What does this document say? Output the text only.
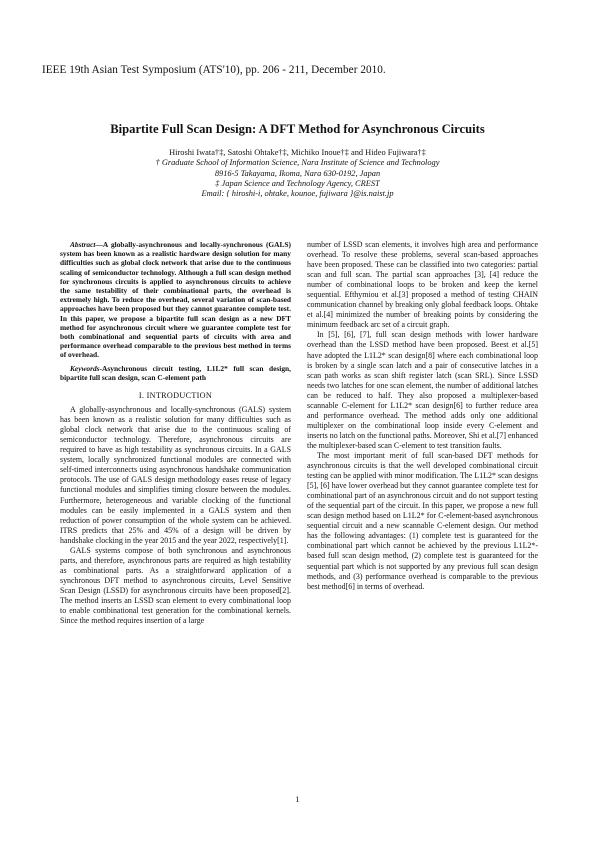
IEEE 19th Asian Test Symposium (ATS'10), pp. 206 - 211, December 2010.
Bipartite Full Scan Design: A DFT Method for Asynchronous Circuits
Hiroshi Iwata†‡, Satoshi Ohtake†‡, Michiko Inoue†‡ and Hideo Fujiwara†‡
† Graduate School of Information Science, Nara Institute of Science and Technology
8916-5 Takayama, Ikoma, Nara 630-0192, Japan
‡ Japan Science and Technology Agency, CREST
Email: { hiroshi-i, ohtake, kounoe, fujiwara }@is.naist.jp

Abstract—A globally-asynchronous and locally-synchronous (GALS) system has been known as a realistic hardware design solution for many difficulties such as global clock network that arise due to the continuous scaling of semiconductor technology. Although a full scan design method for synchronous circuits is applied to asynchronous circuits to achieve the same testability of their combinational parts, the overhead is extremely high. To reduce the overhead, several variation of scan-based approaches have been proposed but they cannot guarantee complete test. In this paper, we propose a bipartite full scan design as a new DFT method for asynchronous circuit where we guarantee complete test for both combinational and sequential parts of circuits with area and performance overhead comparable to the previous best method in terms of overhead.

Keywords-Asynchronous circuit testing, L1L2* full scan design, bipartite full scan design, scan C-element path

I. INTRODUCTION

A globally-asynchronous and locally-synchronous (GALS) system has been known as a realistic solution for many difficulties such as global clock network that arise due to the continuous scaling of semiconductor technology. Therefore, asynchronous circuits are required to have as high testability as synchronous circuits. In a GALS system, locally synchronized functional modules are connected with self-timed interconnects using asynchronous handshake communication protocols. The use of GALS design methodology eases reuse of legacy functional modules and simplifies timing closure between the modules. Furthermore, heterogeneous and variable clocking of the functional modules can be easily implemented in a GALS system and then reduction of power consumption of the whole system can be achieved. ITRS predicts that 25% and 45% of a design will be driven by handshake clocking in the year 2015 and the year 2022, respectively[1].

GALS systems compose of both synchronous and asynchronous parts, and therefore, asynchronous parts are required as high testability as combinational parts. As a straightforward application of a synchronous DFT method to asynchronous circuits, Level Sensitive Scan Design (LSSD) for asynchronous circuits have been proposed[2]. The method inserts an LSSD scan element to every combinational loop to enable combinational test generation for the combinational kernels. Since the method requires insertion of a large

number of LSSD scan elements, it involves high area and performance overhead. To resolve these problems, several scan-based approaches have been proposed. These can be classified into two categories: partial scan and full scan. The partial scan approaches [3], [4] reduce the number of combinational loops to be broken and keep the kernel sequential. Efthymiou et al.[3] proposed a method of testing CHAIN communication channel by breaking only global feedback loops. Ohtake et al.[4] minimized the number of breaking points by considering the minimum feedback arc set of a circuit graph.

In [5], [6], [7], full scan design methods with lower hardware overhead than the LSSD method have been proposed. Beest et al.[5] have adopted the L1L2* scan design[8] where each combinational loop is broken by a single scan latch and a pair of consecutive latches in a scan path works as scan shift register latch (scan SRL). Since LSSD needs two latches for one scan element, the number of additional latches can be reduced to half. They also proposed a multiplexer-based scannable C-element for L1L2* scan design[6] to further reduce area and performance overhead. The method adds only one additional multiplexer on the combinational loop inside every C-element and inserts no latch on the functional paths. Moreover, Shi et al.[7] enhanced the multiplexer-based scan C-element to test transition faults.

The most important merit of full scan-based DFT methods for asynchronous circuits is that the well developed combinational circuit testing can be applied with minor modification. The L1L2* scan designs [5], [6] have lower overhead but they cannot guarantee complete test for combinational part of an asynchronous circuit and do not support testing of the sequential part of the circuit. In this paper, we propose a new full scan design method based on L1L2* for C-element-based asynchronous sequential circuit and a new scannable C-element design. Our method has the following advantages: (1) complete test is guaranteed for the combinational part which cannot be achieved by the previous L1L2*-based full scan design method, (2) complete test is guaranteed for the sequential part which is not supported by any previous full scan design methods, and (3) performance overhead is comparable to the previous best method[6] in terms of overhead.

1
